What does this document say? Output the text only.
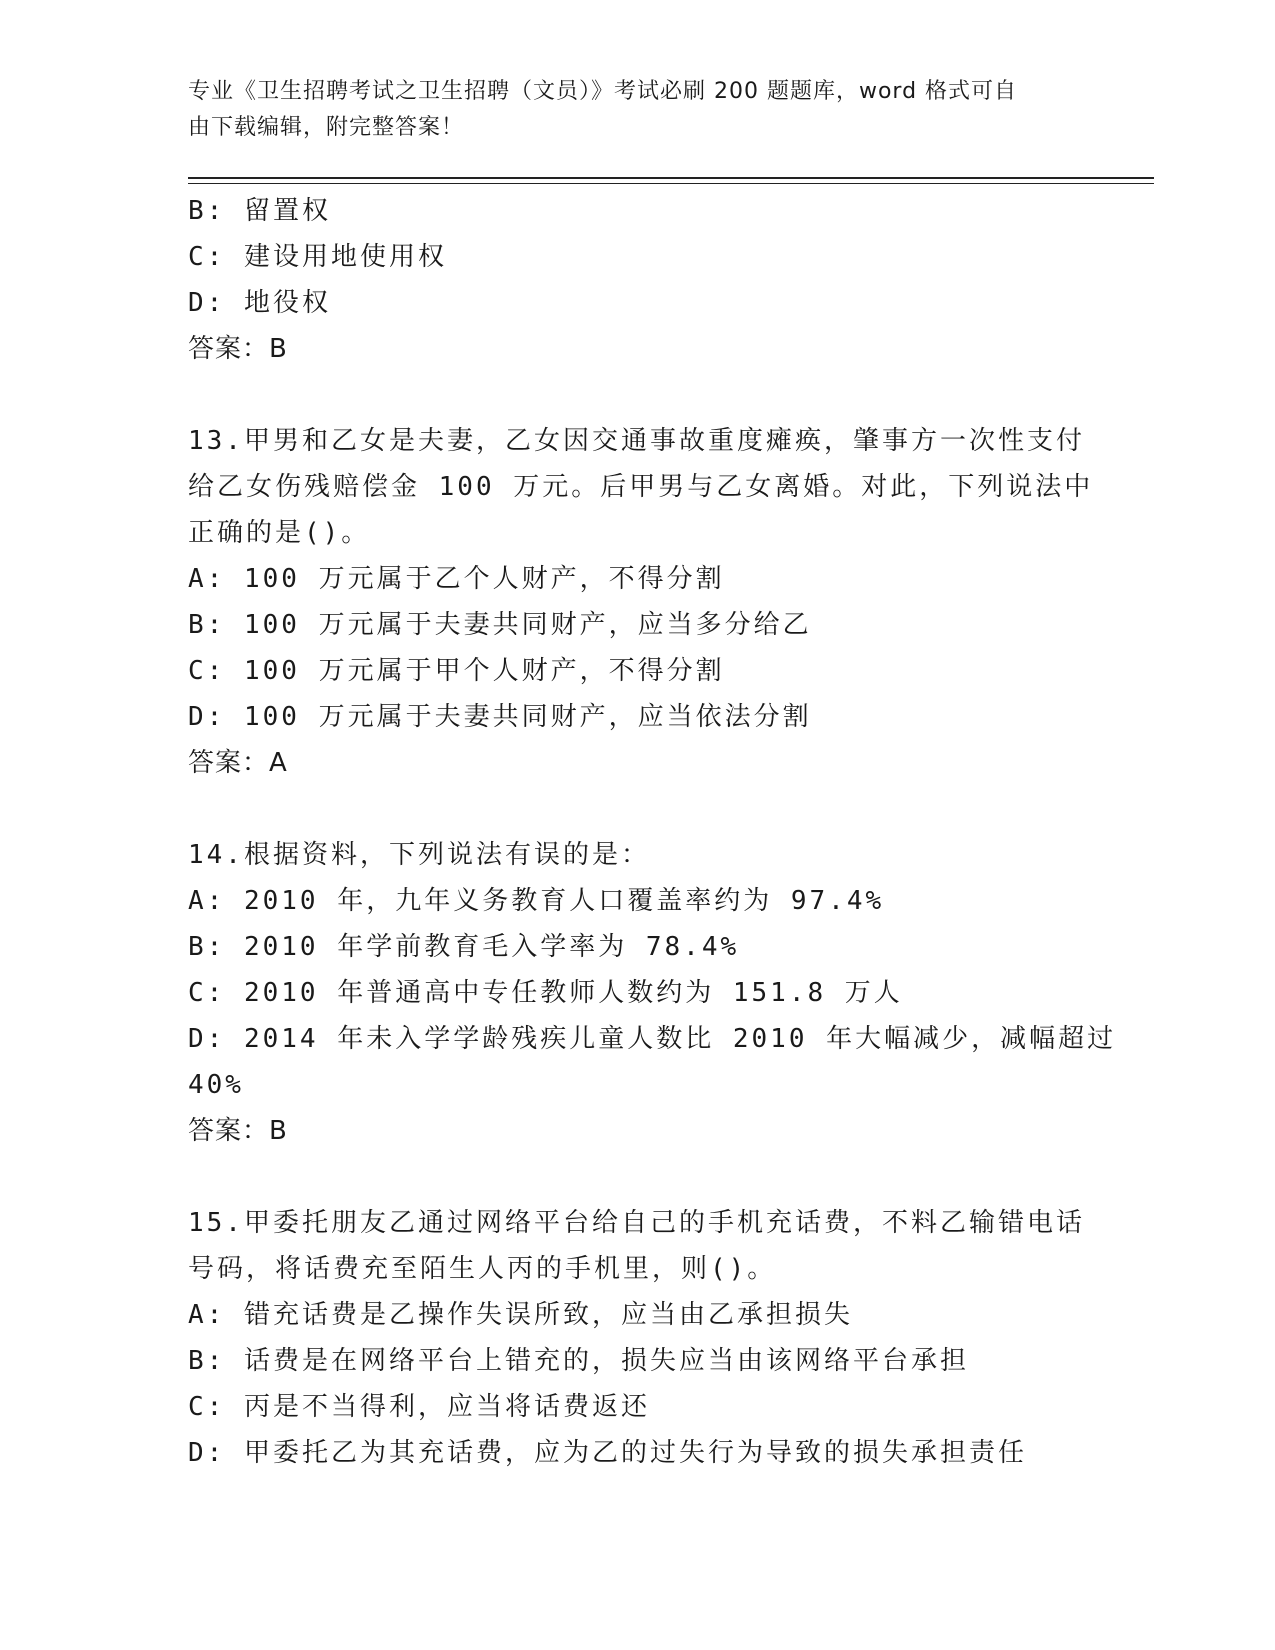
专业《卫生招聘考试之卫生招聘（文员）》考试必刷 200 题题库，word 格式可自
由下载编辑，附完整答案！
B: 留置权
C: 建设用地使用权
D: 地役权
答案：B
13.甲男和乙女是夫妻，乙女因交通事故重度瘫痪，肇事方一次性支付
给乙女伤残赔偿金 100 万元。后甲男与乙女离婚。对此，下列说法中
正确的是()。
A: 100 万元属于乙个人财产，不得分割
B: 100 万元属于夫妻共同财产，应当多分给乙
C: 100 万元属于甲个人财产，不得分割
D: 100 万元属于夫妻共同财产，应当依法分割
答案：A
14.根据资料，下列说法有误的是：
A: 2010 年，九年义务教育人口覆盖率约为 97.4%
B: 2010 年学前教育毛入学率为 78.4%
C: 2010 年普通高中专任教师人数约为 151.8 万人
D: 2014 年未入学学龄残疾儿童人数比 2010 年大幅减少，减幅超过
40%
答案：B
15.甲委托朋友乙通过网络平台给自己的手机充话费，不料乙输错电话
号码，将话费充至陌生人丙的手机里，则()。
A: 错充话费是乙操作失误所致，应当由乙承担损失
B: 话费是在网络平台上错充的，损失应当由该网络平台承担
C: 丙是不当得利，应当将话费返还
D: 甲委托乙为其充话费，应为乙的过失行为导致的损失承担责任
